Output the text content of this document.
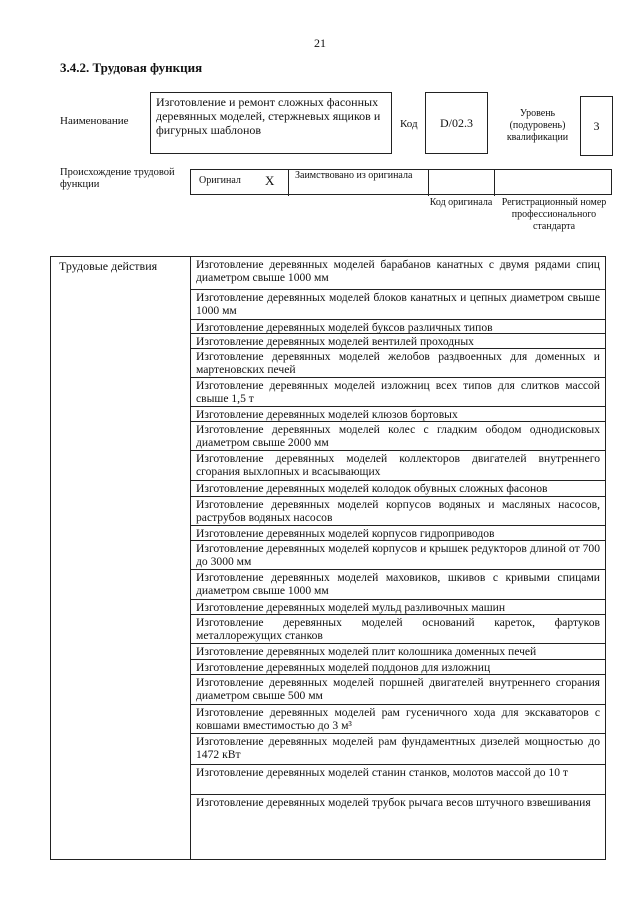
21
3.4.2. Трудовая функция
Наименование
Изготовление и ремонт сложных фасонных деревянных моделей, стержневых ящиков и фигурных шаблонов	Код	D/02.3
Уровень (подуровень) квалификации
3
Происхождение трудовой функции	Оригинал X	Заимствовано из оригинала
Код оригинала Регистрационный номер профессионального стандарта
Трудовые действия	Изготовление деревянных моделей барабанов канатных с двумя рядами спиц диаметром свыше 1000 мм
Изготовление деревянных моделей блоков канатных и цепных диаметром свыше 1000 мм
Изготовление деревянных моделей буксов различных типов
Изготовление деревянных моделей вентилей проходных
Изготовление деревянных моделей желобов раздвоенных для доменных и мартеновских печей
Изготовление деревянных моделей изложниц всех типов для слитков массой свыше 1,5 т
Изготовление деревянных моделей клюзов бортовых
Изготовление деревянных моделей колес с гладким ободом однодисковых диаметром свыше 2000 мм
Изготовление деревянных моделей коллекторов двигателей внутреннего сгорания выхлопных и всасывающих
Изготовление деревянных моделей колодок обувных сложных фасонов
Изготовление деревянных моделей корпусов водяных и масляных насосов, раструбов водяных насосов
Изготовление деревянных моделей корпусов гидроприводов
Изготовление деревянных моделей корпусов и крышек редукторов длиной от 700 до 3000 мм
Изготовление деревянных моделей маховиков, шкивов с кривыми спицами диаметром свыше 1000 мм
Изготовление деревянных моделей мульд разливочных машин
Изготовление деревянных моделей оснований кареток, фартуков металлорежущих станков
Изготовление деревянных моделей плит колошника доменных печей
Изготовление деревянных моделей поддонов для изложниц
Изготовление деревянных моделей поршней двигателей внутреннего сгорания диаметром свыше 500 мм
Изготовление деревянных моделей рам гусеничного хода для экскаваторов с ковшами вместимостью до 3 м³
Изготовление деревянных моделей рам фундаментных дизелей мощностью до 1472 кВт
Изготовление деревянных моделей станин станков, молотов массой до 10 т
Изготовление деревянных моделей трубок рычага весов штучного взвешивания
